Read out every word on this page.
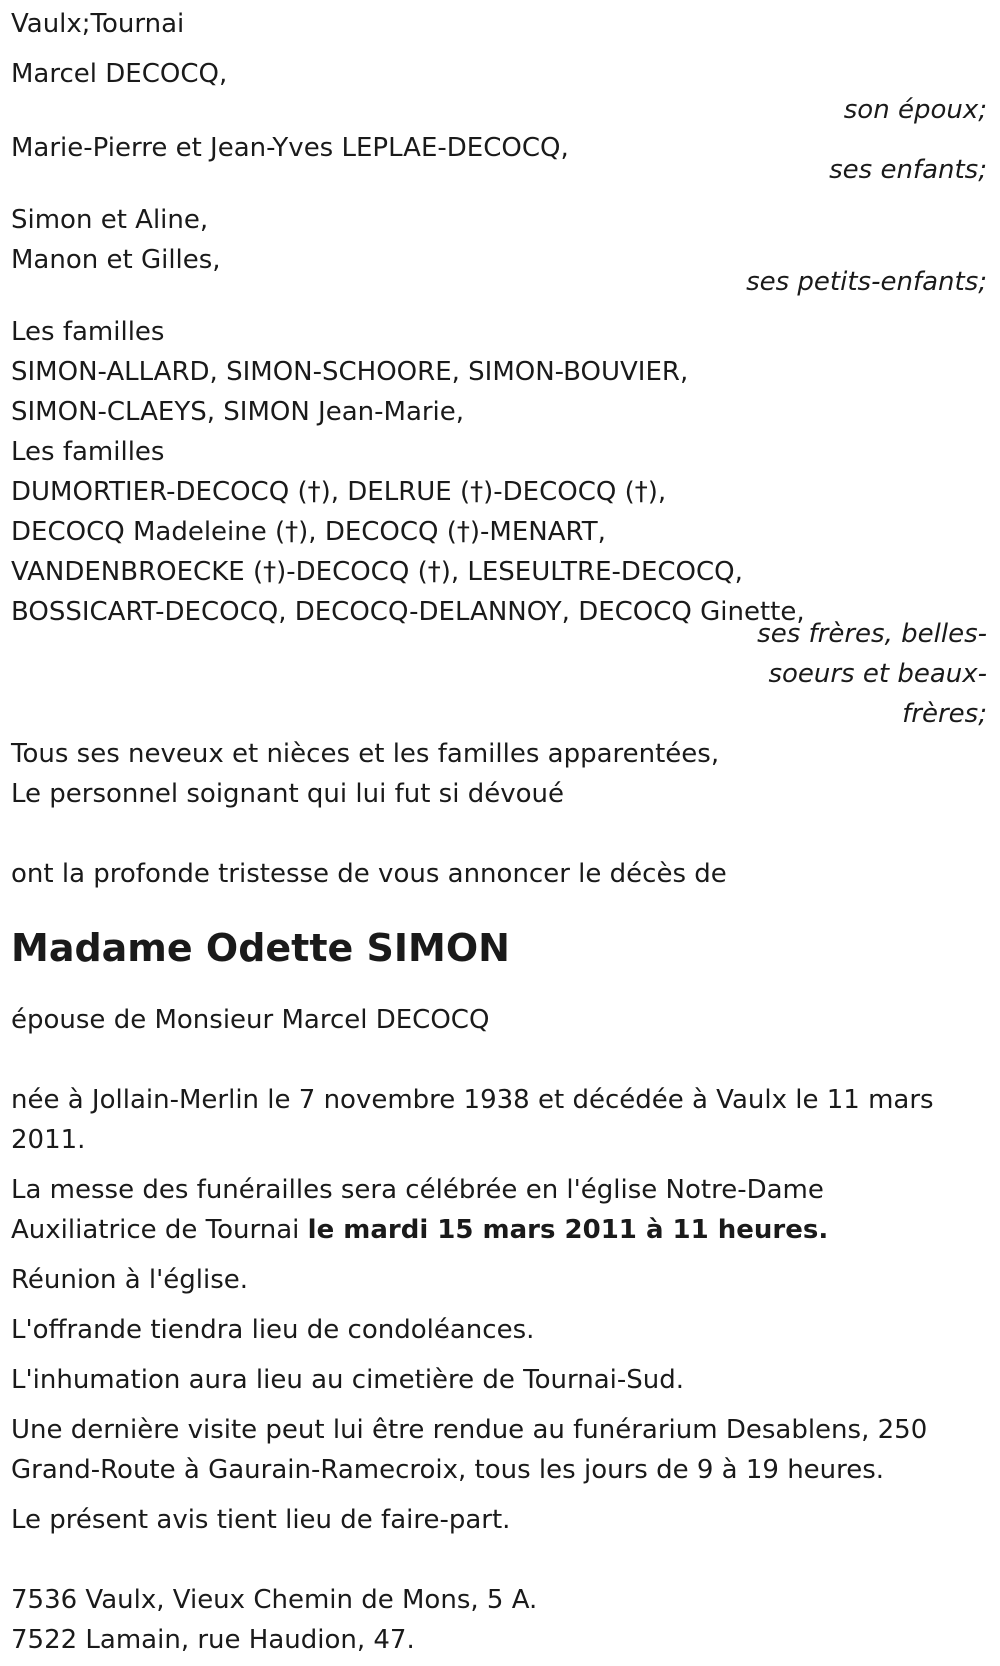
Vaulx;Tournai
Marcel DECOCQ,
son époux;
Marie-Pierre et Jean-Yves LEPLAE-DECOCQ,
ses enfants;
Simon et Aline,
Manon et Gilles,
ses petits-enfants;
Les familles
SIMON-ALLARD, SIMON-SCHOORE, SIMON-BOUVIER,
SIMON-CLAEYS, SIMON Jean-Marie,
Les familles
DUMORTIER-DECOCQ (†), DELRUE (†)-DECOCQ (†),
DECOCQ Madeleine (†), DECOCQ (†)-MENART,
VANDENBROECKE (†)-DECOCQ (†), LESEULTRE-DECOCQ,
BOSSICART-DECOCQ, DECOCQ-DELANNOY, DECOCQ Ginette,
ses frères, belles-
soeurs et beaux-
frères;
Tous ses neveux et nièces et les familles apparentées,
Le personnel soignant qui lui fut si dévoué
ont la profonde tristesse de vous annoncer le décès de
Madame Odette SIMON
épouse de Monsieur Marcel DECOCQ
née à Jollain-Merlin le 7 novembre 1938 et décédée à Vaulx le 11 mars
2011.
La messe des funérailles sera célébrée en l'église Notre-Dame
Auxiliatrice de Tournai le mardi 15 mars 2011 à 11 heures.
Réunion à l'église.
L'offrande tiendra lieu de condoléances.
L'inhumation aura lieu au cimetière de Tournai-Sud.
Une dernière visite peut lui être rendue au funérarium Desablens, 250
Grand-Route à Gaurain-Ramecroix, tous les jours de 9 à 19 heures.
Le présent avis tient lieu de faire-part.
7536 Vaulx, Vieux Chemin de Mons, 5 A.
7522 Lamain, rue Haudion, 47.
